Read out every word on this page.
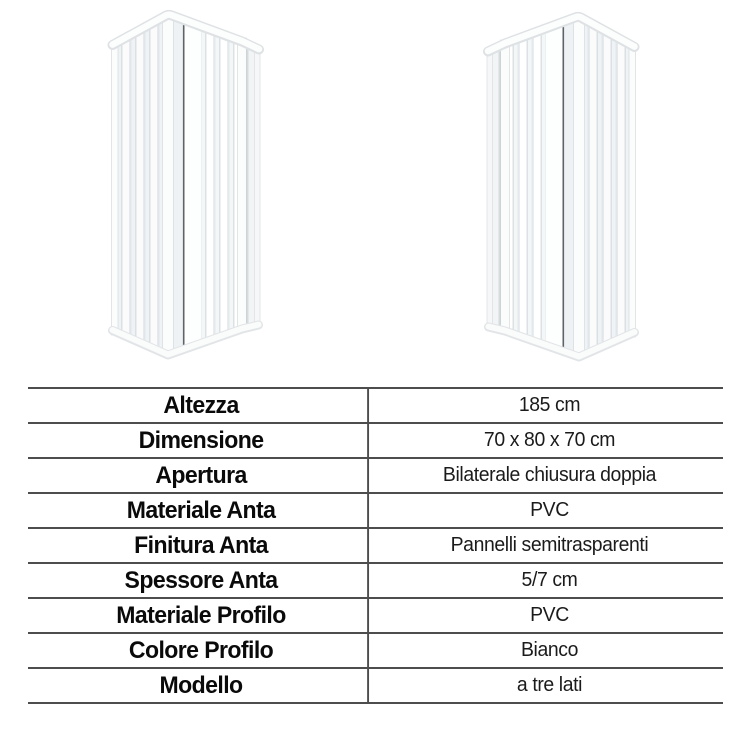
Altezza	185 cm
Dimensione	70 x 80 x 70 cm
Apertura	Bilaterale chiusura doppia
Materiale Anta	PVC
Finitura Anta	Pannelli semitrasparenti
Spessore Anta	5/7 cm
Materiale Profilo	PVC
Colore Profilo	Bianco
Modello	a tre lati
